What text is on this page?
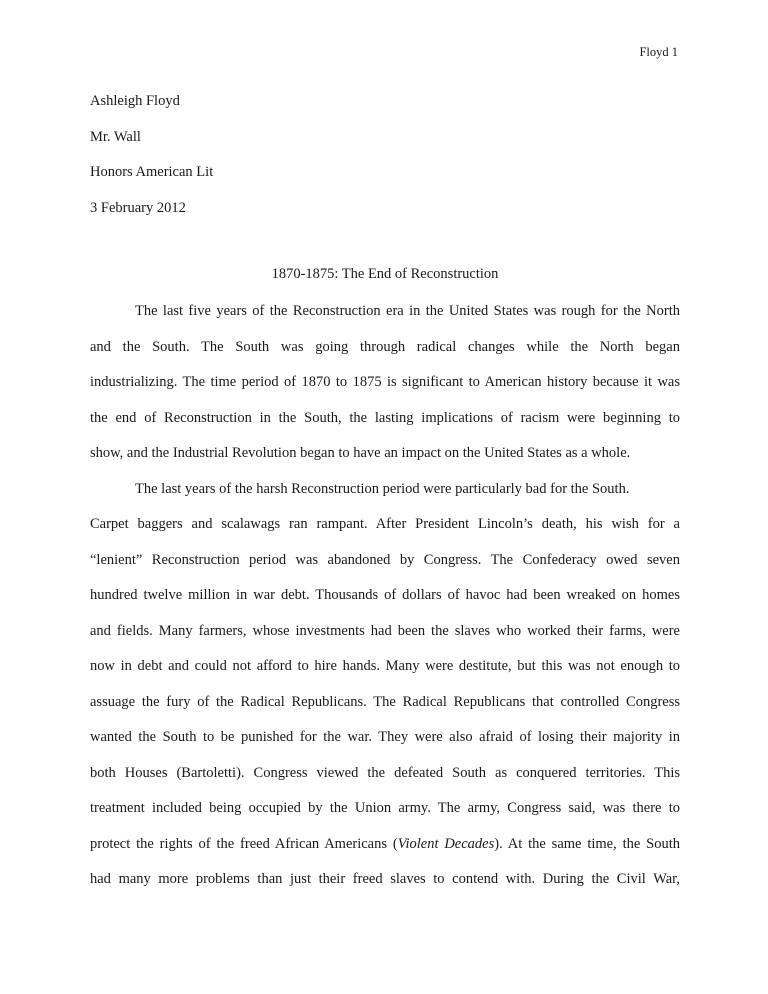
Floyd 1
Ashleigh Floyd
Mr. Wall
Honors American Lit
3 February 2012
1870-1875: The End of Reconstruction
The last five years of the Reconstruction era in the United States was rough for the North
and the South. The South was going through radical changes while the North began
industrializing. The time period of 1870 to 1875 is significant to American history because it was
the end of Reconstruction in the South, the lasting implications of racism were beginning to
show, and the Industrial Revolution began to have an impact on the United States as a whole.
The last years of the harsh Reconstruction period were particularly bad for the South.
Carpet baggers and scalawags ran rampant. After President Lincoln’s death, his wish for a
“lenient” Reconstruction period was abandoned by Congress. The Confederacy owed seven
hundred twelve million in war debt. Thousands of dollars of havoc had been wreaked on homes
and fields. Many farmers, whose investments had been the slaves who worked their farms, were
now in debt and could not afford to hire hands. Many were destitute, but this was not enough to
assuage the fury of the Radical Republicans. The Radical Republicans that controlled Congress
wanted the South to be punished for the war. They were also afraid of losing their majority in
both Houses (Bartoletti). Congress viewed the defeated South as conquered territories. This
treatment included being occupied by the Union army. The army, Congress said, was there to
protect the rights of the freed African Americans (Violent Decades). At the same time, the South
had many more problems than just their freed slaves to contend with. During the Civil War,
